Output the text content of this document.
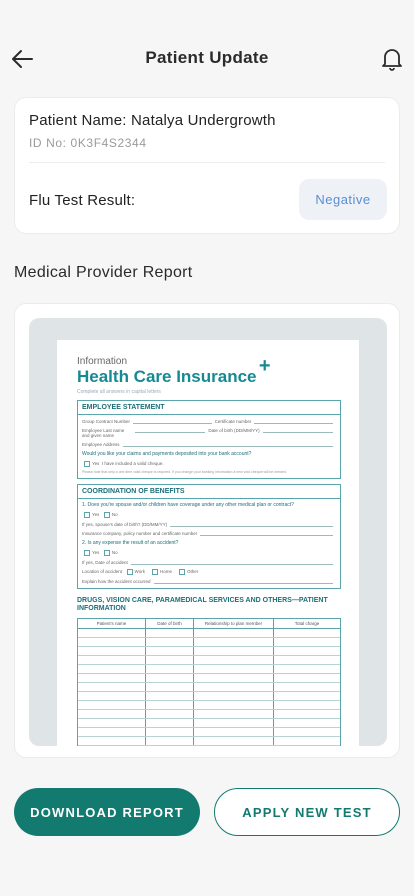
Patient Update
Patient Name: Natalya Undergrowth
ID No: 0K3F4S2344
Flu Test Result:	Negative
Medical Provider Report
Information
Health Care Insurance +
Complete all answers in capital letters
EMPLOYEE STATEMENT
Group Contract Number	Certificate number
Employee Last name and given name
Date of birth (DD/MM/YY)
Employee Address
Would you like your claims and payments deposited into your bank account?
Yes
I have included a valid cheque.
Please note that only a one-time valid cheque is required. If you change your banking information a new void cheque will be needed.
COORDINATION OF BENEFITS
1. Does you're spouse and/or children have coverage under any other medical plan or contract?
Yes
	No
If yes, spouse's date of birth? (DD/MM/YY)
Insurance company, policy number and certificate number
2. Is any expense the result of an accident?
Yes
	No
If yes, Date of accident
Location of accident
	Work
	Home
	Other
Explain how the accident occurred
DRUGS, VISION CARE, PARAMEDICAL SERVICES AND OTHERS—PATIENT INFORMATION
Patient's name	Date of birth	Relationship to plan member	Total charge
DOWNLOAD REPORT	APPLY NEW TEST
